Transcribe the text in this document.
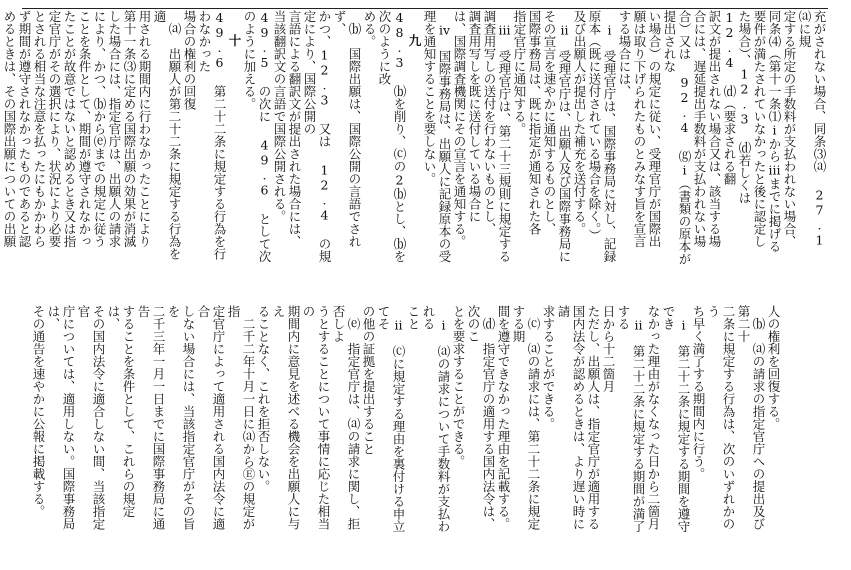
充がされない場合、同条⑶⒜ 27.1 ⒜に規
定する所定の手数料が支払われない場合、
同条⑷（第十一条⑴ⅰからⅲまでに掲げる
要件が満たされていなかったと後に認定し
た場合）、12.3 ⒟若しくは 12.4 ⒟（要求される翻
訳文が提出されない場合又は、該当する場
合には、遅延提出手数料が支払われない場
合）又は 92.4 ⒢ⅰ（書類の原本が提出されな
い場合）の規定に従い、受理官庁が国際出
願は取り下げられたものとみなす旨を宣言
する場合には、
　ⅰ　受理官庁は、国際事務局に対し、記録
原本（既に送付されている場合を除く。）
及び出願人が提出した補充を送付する。
　ⅱ　受理官庁は、出願人及び国際事務局に
その宣言を速やかに通知するものとし、
国際事務局は、既に指定が通知された各
指定官庁に通知する。
　ⅲ　受理官庁は、第二十三規則に規定する
調査用写しの送付を行わないものとし、
調査用写しを既に送付している場合に
は、国際調査機関にその宣言を通知する。
　ⅳ　国際事務局は、出願人に記録原本の受
理を通知することを要しない。
九
48.3 ⒝を削り、⒞の2⒝とし、⒝を次のように改
める。
　⒝　国際出願は、国際公開の言語でされず、
かつ、12.3 又は 12.4 の規定により、国際公開の
言語による翻訳文が提出された場合には、
当該翻訳文の言語で国際公開される。
49.5 の次に 49.6 として次のように加える。
十
49.6 第二十二条に規定する行為を行わなかった
場合の権利の回復
　⒜　出願人が第二十二条に規定する行為を適
用される期間内に行わなかったことにより
第十一条⑶に定める国際出願の効果が消滅
した場合には、指定官庁は、出願人の請求
により、かつ、⒝から⒠までの規定に従う
ことを条件として、期間が遵守されなかっ
たことが故意ではないと認めるとき又は指
定官庁がその選択により、状況により必要
とされる相当な注意を払ったにもかかわら
ず期間が遵守されなかったものであると認
めるときは、その国際出願についての出願
人の権利を回復する。
　⒝　⒜の請求の指定官庁への提出及び第二十
二条に規定する行為は、次のいずれかのう
ち早く満了する期間内に行う。
　ⅰ　第二十二条に規定する期間を遵守でき
なかった理由がなくなった日から二箇月
　ⅱ　第二十二条に規定する期間が満了する
日から十二箇月
ただし、出願人は、指定官庁が適用する
国内法令が認めるときは、より遅い時に請
求することができる。
　⒞　⒜の請求には、第二十二条に規定する期
間を遵守できなかった理由を記載する。
　⒟　指定官庁の適用する国内法令は、次のこ
とを要求することができる。
　ⅰ　⒜の請求について手数料が支払われる
こと
　ⅱ　⒞に規定する理由を裏付ける申立てそ
の他の証拠を提出すること
　⒠　指定官庁は、⒜の請求に関し、拒否しよ
うとすることについて事情に応じた相当の
期間内に意見を述べる機会を出願人に与え
ることなく、これを拒否しない。
　二千二年十月一日に⒜からⒺの規定が指
定官庁によって適用される国内法令に適合
しない場合には、当該指定官庁がその旨を
二千三年一月一日までに国際事務局に通告
することを条件として、これらの規定は、
その国内法令に適合しない間、当該指定官
庁については、適用しない。国際事務局は、
その通告を速やかに公報に掲載する。
